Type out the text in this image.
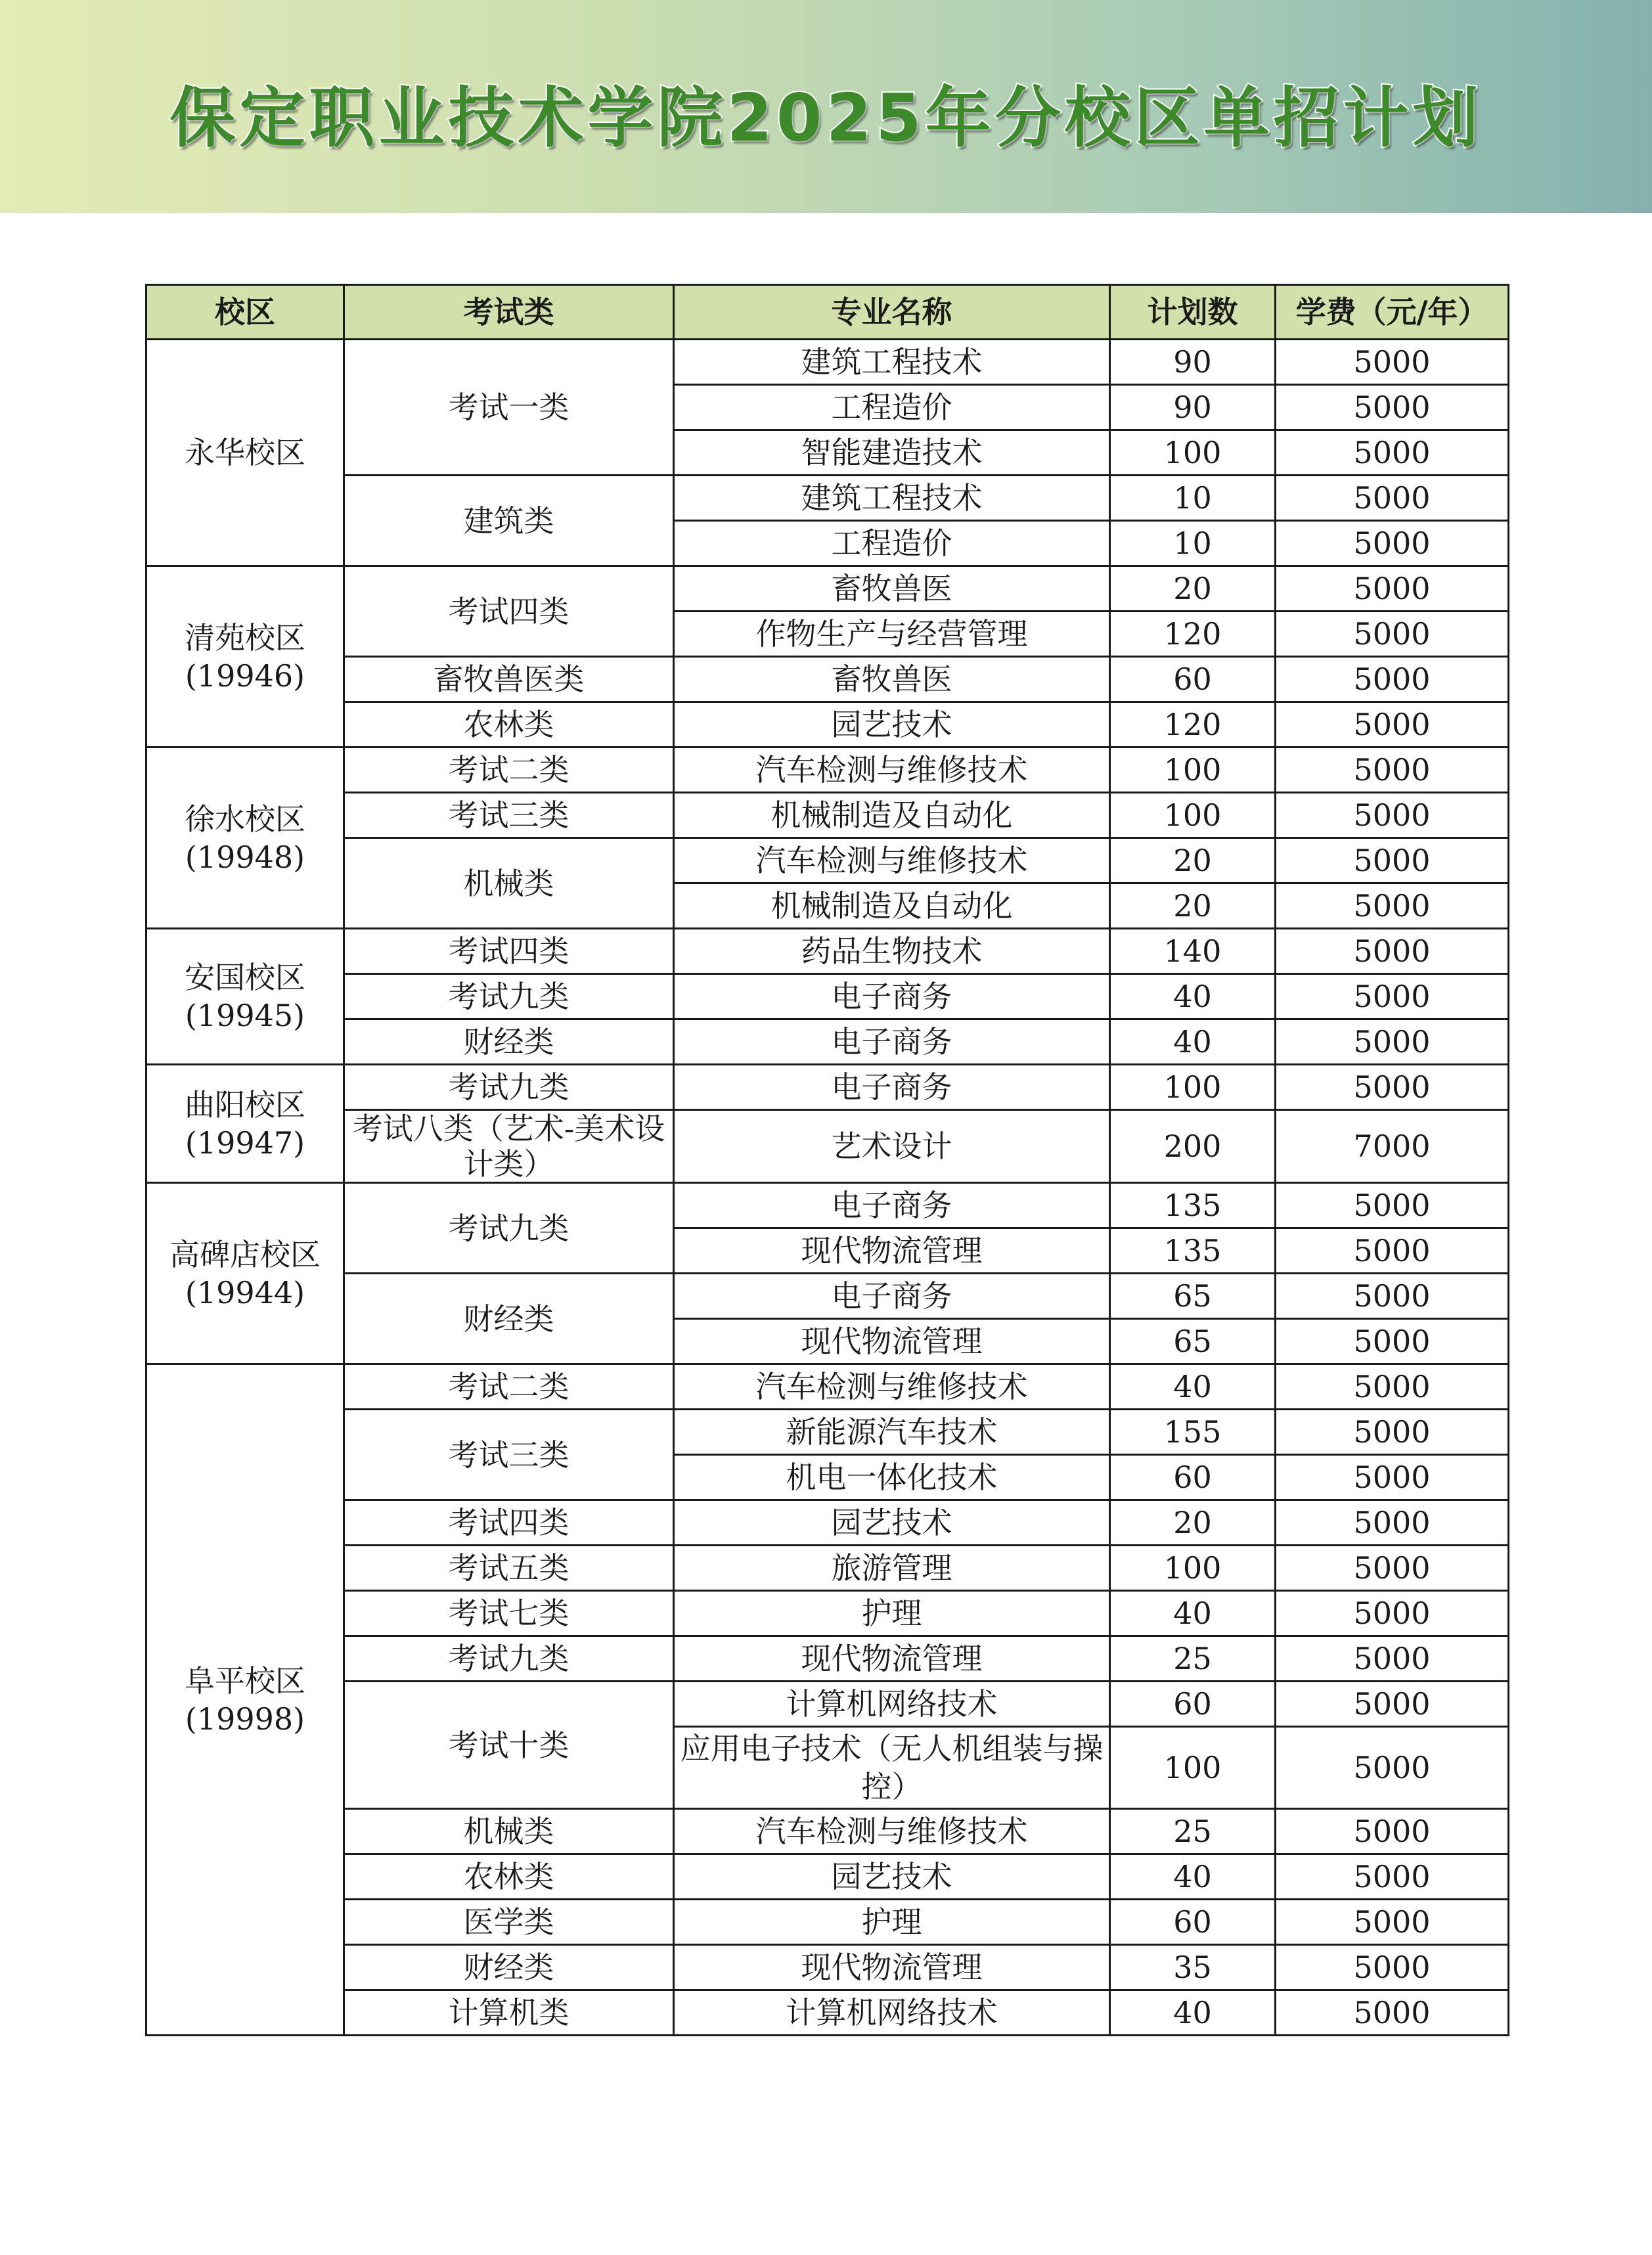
保定职业技术学院2025年分校区单招计划
校区	考试类	专业名称	计划数	学费（元/年）

永华校区	考试一类	建筑工程技术	90	5000
		工程造价	90	5000
		智能建造技术	100	5000
	建筑类	建筑工程技术	10	5000
		工程造价	10	5000

清苑校区
(19946)	考试四类	畜牧兽医	20	5000
		作物生产与经营管理	120	5000
	畜牧兽医类	畜牧兽医	60	5000
	农林类	园艺技术	120	5000

徐水校区
(19948)	考试二类	汽车检测与维修技术	100	5000
	考试三类	机械制造及自动化	100	5000
	机械类	汽车检测与维修技术	20	5000
		机械制造及自动化	20	5000

安国校区
(19945)	考试四类	药品生物技术	140	5000
	考试九类	电子商务	40	5000
	财经类	电子商务	40	5000

曲阳校区
(19947)	考试九类	电子商务	100	5000
	考试八类（艺术-美术设计类）	艺术设计	200	7000

高碑店校区
(19944)	考试九类	电子商务	135	5000
		现代物流管理	135	5000
	财经类	电子商务	65	5000
		现代物流管理	65	5000

阜平校区
(19998)	考试二类	汽车检测与维修技术	40	5000
	考试三类	新能源汽车技术	155	5000
		机电一体化技术	60	5000
	考试四类	园艺技术	20	5000
	考试五类	旅游管理	100	5000
	考试七类	护理	40	5000
	考试九类	现代物流管理	25	5000
	考试十类	计算机网络技术	60	5000
		应用电子技术（无人机组装与操控）	100	5000
	机械类	汽车检测与维修技术	25	5000
	农林类	园艺技术	40	5000
	医学类	护理	60	5000
	财经类	现代物流管理	35	5000
	计算机类	计算机网络技术	40	5000
